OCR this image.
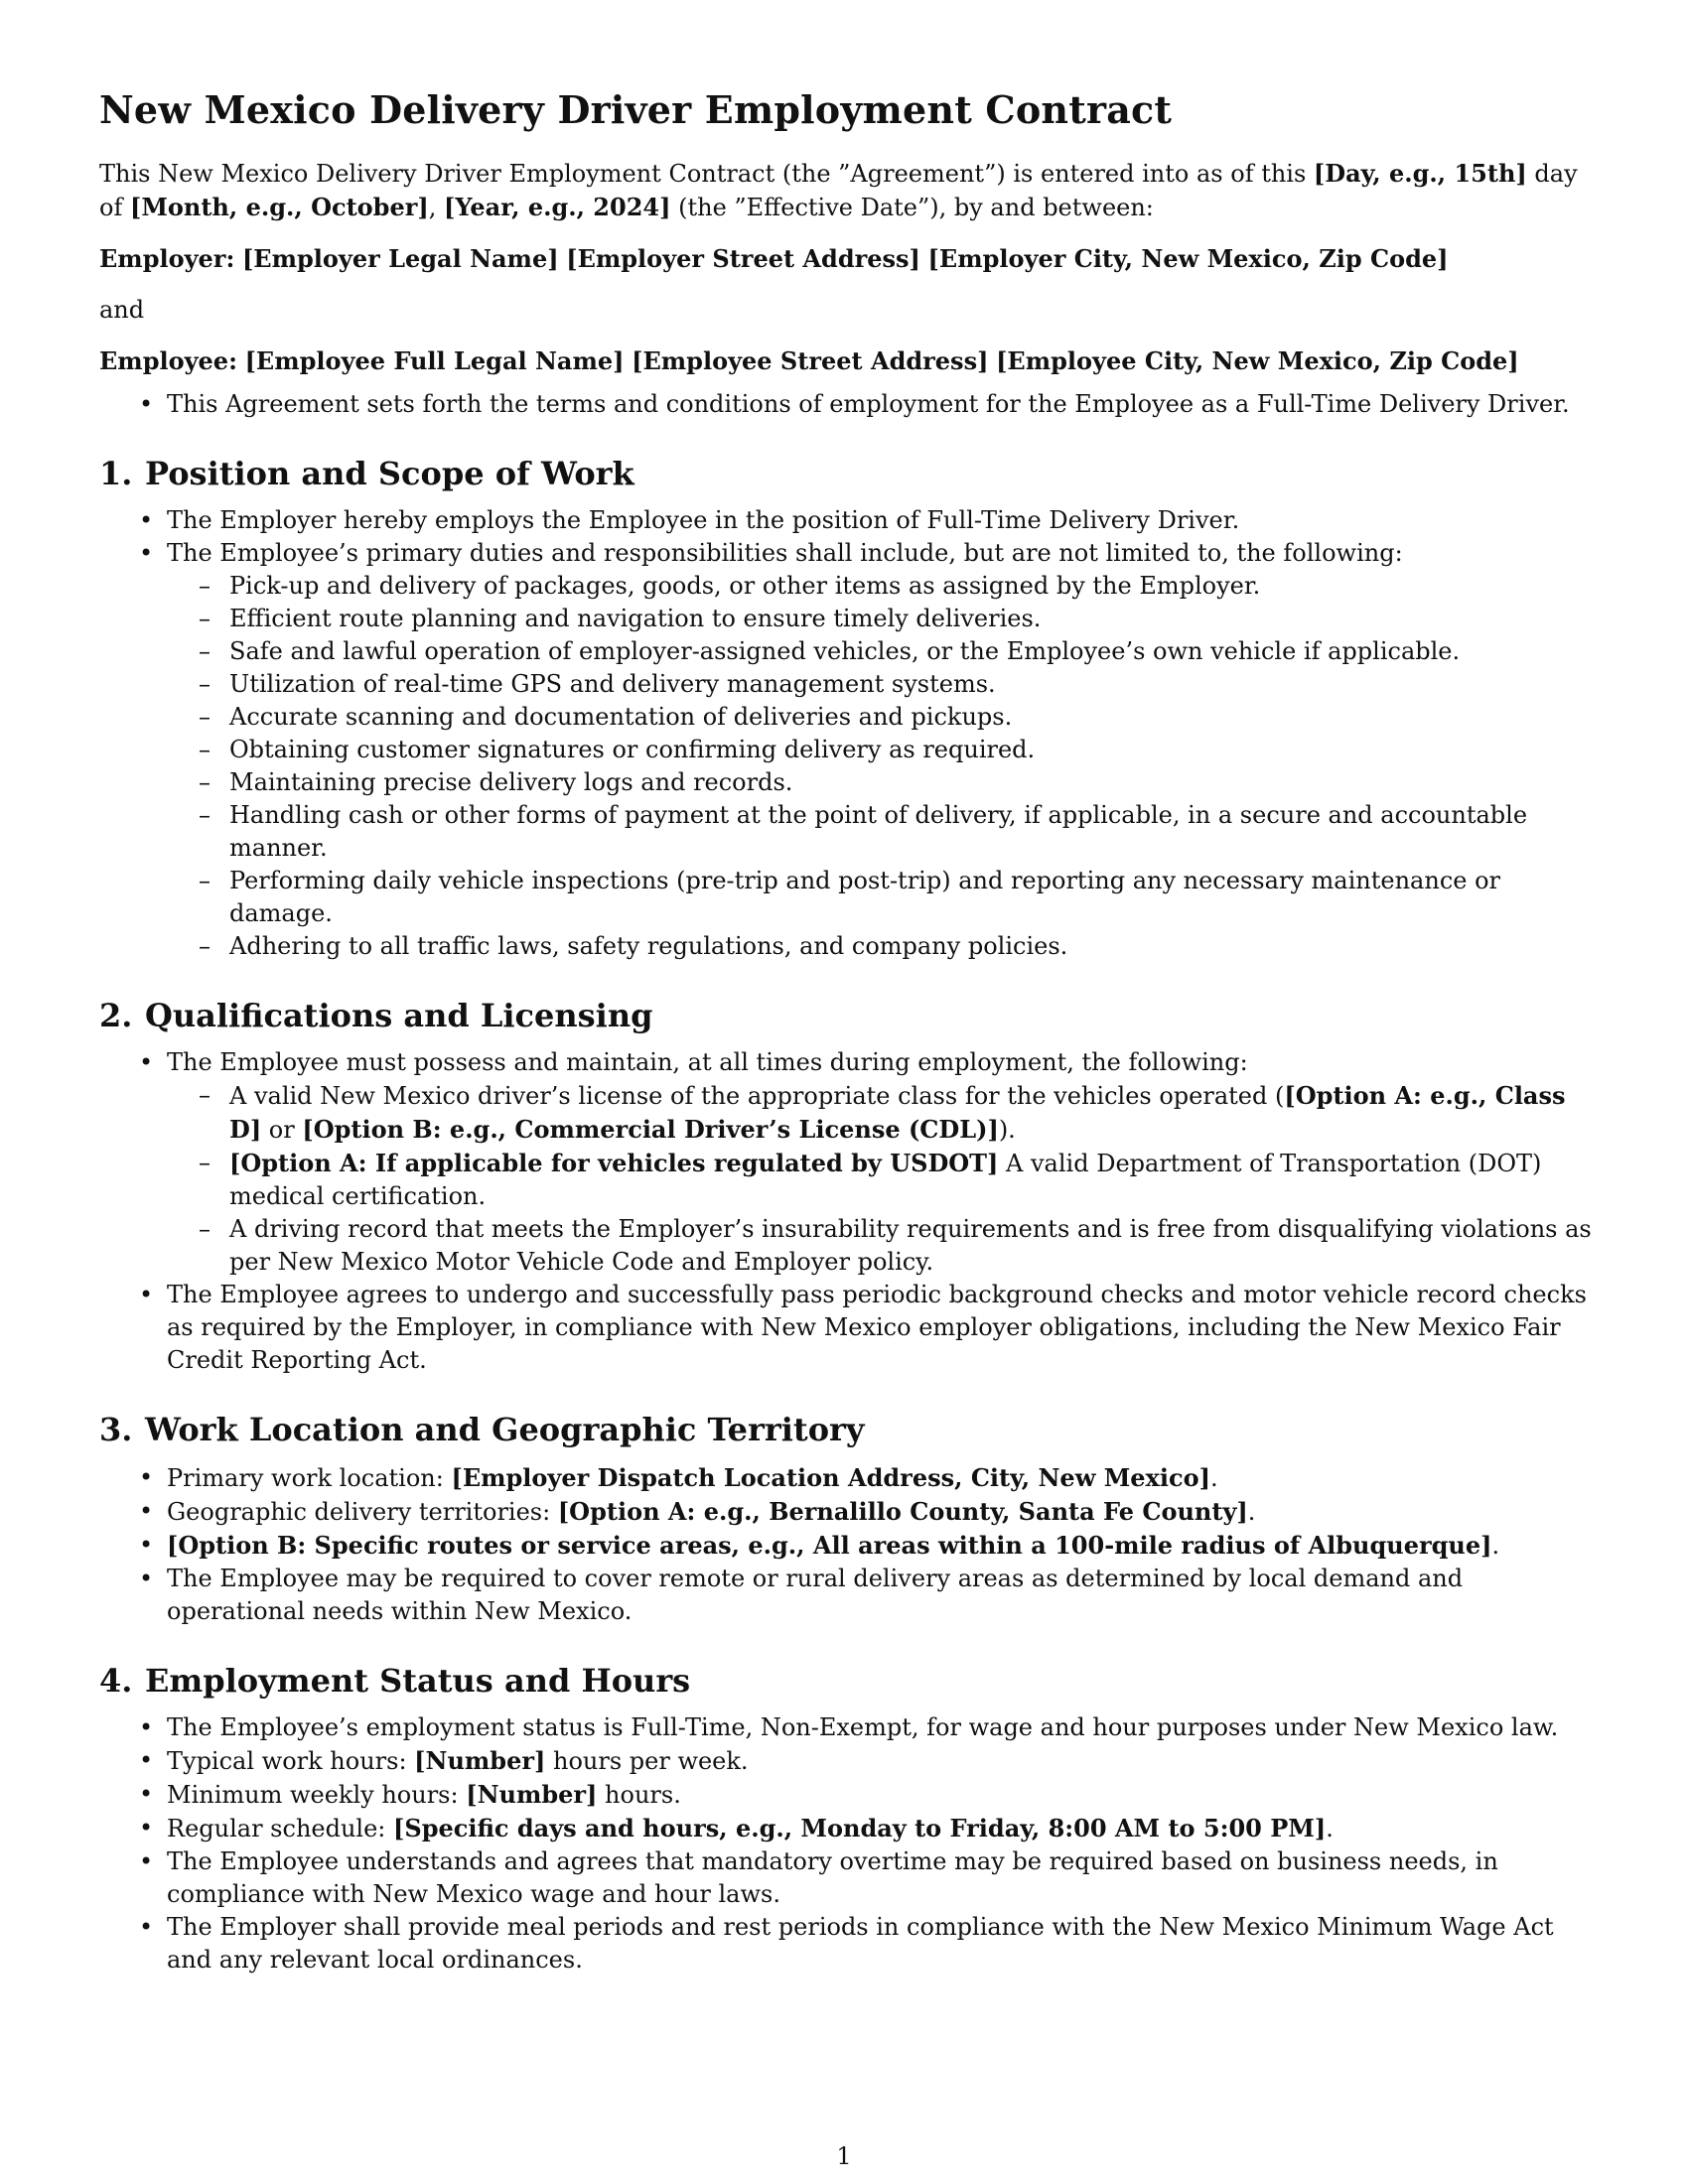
New Mexico Delivery Driver Employment Contract

This New Mexico Delivery Driver Employment Contract (the ”Agreement”) is entered into as of this [Day, e.g., 15th] day of [Month, e.g., October], [Year, e.g., 2024] (the ”Effective Date”), by and between:

Employer: [Employer Legal Name] [Employer Street Address] [Employer City, New Mexico, Zip Code]

and

Employee: [Employee Full Legal Name] [Employee Street Address] [Employee City, New Mexico, Zip Code]

• This Agreement sets forth the terms and conditions of employment for the Employee as a Full-Time Delivery Driver.
1. Position and Scope of Work
• The Employer hereby employs the Employee in the position of Full-Time Delivery Driver.
• The Employee’s primary duties and responsibilities shall include, but are not limited to, the following:
– Pick-up and delivery of packages, goods, or other items as assigned by the Employer.
– Efficient route planning and navigation to ensure timely deliveries.
– Safe and lawful operation of employer-assigned vehicles, or the Employee’s own vehicle if applicable.
– Utilization of real-time GPS and delivery management systems.
– Accurate scanning and documentation of deliveries and pickups.
– Obtaining customer signatures or confirming delivery as required.
– Maintaining precise delivery logs and records.
– Handling cash or other forms of payment at the point of delivery, if applicable, in a secure and accountable manner.
– Performing daily vehicle inspections (pre-trip and post-trip) and reporting any necessary maintenance or damage.
– Adhering to all traffic laws, safety regulations, and company policies.
2. Qualifications and Licensing
• The Employee must possess and maintain, at all times during employment, the following:
– A valid New Mexico driver’s license of the appropriate class for the vehicles operated ([Option A: e.g., Class D] or [Option B: e.g., Commercial Driver’s License (CDL)]).
– [Option A: If applicable for vehicles regulated by USDOT] A valid Department of Transportation (DOT) medical certification.
– A driving record that meets the Employer’s insurability requirements and is free from disqualifying violations as per New Mexico Motor Vehicle Code and Employer policy.
• The Employee agrees to undergo and successfully pass periodic background checks and motor vehicle record checks as required by the Employer, in compliance with New Mexico employer obligations, including the New Mexico Fair Credit Reporting Act.
3. Work Location and Geographic Territory
• Primary work location: [Employer Dispatch Location Address, City, New Mexico].
• Geographic delivery territories: [Option A: e.g., Bernalillo County, Santa Fe County].
• [Option B: Specific routes or service areas, e.g., All areas within a 100-mile radius of Albuquerque].
• The Employee may be required to cover remote or rural delivery areas as determined by local demand and operational needs within New Mexico.
4. Employment Status and Hours
• The Employee’s employment status is Full-Time, Non-Exempt, for wage and hour purposes under New Mexico law.
• Typical work hours: [Number] hours per week.
• Minimum weekly hours: [Number] hours.
• Regular schedule: [Specific days and hours, e.g., Monday to Friday, 8:00 AM to 5:00 PM].
• The Employee understands and agrees that mandatory overtime may be required based on business needs, in compliance with New Mexico wage and hour laws.
• The Employer shall provide meal periods and rest periods in compliance with the New Mexico Minimum Wage Act and any relevant local ordinances.
1
